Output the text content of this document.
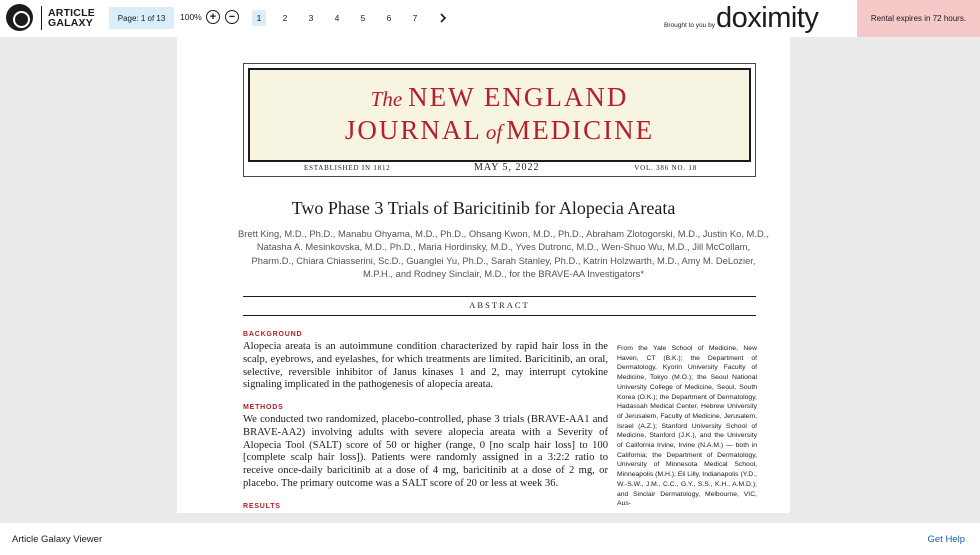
ARTICLE
GALAXY	Page: 1 of 13	100% + −	1	2	3	4	5	6	7
Brought to you by doximity	Rental expires in 72 hours.
The NEW ENGLAND
JOURNAL of MEDICINE
ESTABLISHED IN 1812	MAY 5, 2022	VOL. 386 NO. 18
Two Phase 3 Trials of Baricitinib for Alopecia Areata
Brett King, M.D., Ph.D., Manabu Ohyama, M.D., Ph.D., Ohsang Kwon, M.D., Ph.D., Abraham Zlotogorski, M.D., Justin Ko, M.D., Natasha A. Mesinkovska, M.D., Ph.D., Maria Hordinsky, M.D., Yves Dutronc, M.D., Wen-Shuo Wu, M.D., Jill McCollam, Pharm.D., Chiara Chiasserini, Sc.D., Guanglei Yu, Ph.D., Sarah Stanley, Ph.D., Katrin Holzwarth, M.D., Amy M. DeLozier, M.P.H., and Rodney Sinclair, M.D., for the BRAVE-AA Investigators*
ABSTRACT
BACKGROUND
Alopecia areata is an autoimmune condition characterized by rapid hair loss in the scalp, eyebrows, and eyelashes, for which treatments are limited. Baricitinib, an oral, selective, reversible inhibitor of Janus kinases 1 and 2, may interrupt cytokine signaling implicated in the pathogenesis of alopecia areata.
METHODS
We conducted two randomized, placebo-controlled, phase 3 trials (BRAVE-AA1 and BRAVE-AA2) involving adults with severe alopecia areata with a Severity of Alopecia Tool (SALT) score of 50 or higher (range, 0 [no scalp hair loss] to 100 [complete scalp hair loss]). Patients were randomly assigned in a 3:2:2 ratio to receive once-daily baricitinib at a dose of 4 mg, baricitinib at a dose of 2 mg, or placebo. The primary outcome was a SALT score of 20 or less at week 36.
RESULTS
From the Yale School of Medicine, New Haven, CT (B.K.); the Department of Dermatology, Kyorin University Faculty of Medicine, Tokyo (M.O.); the Seoul National University College of Medicine, Seoul, South Korea (O.K.); the Department of Dermatology, Hadassah Medical Center, Hebrew University of Jerusalem, Faculty of Medicine, Jerusalem, Israel (A.Z.); Stanford University School of Medicine, Stanford (J.K.), and the University of California Irvine, Irvine (N.A.M.) — both in California; the Department of Dermatology, University of Minnesota Medical School, Minneapolis (M.H.); Eli Lilly, Indianapolis (Y.D., W.-S.W., J.M., C.C., G.Y., S.S., K.H., A.M.D.); and Sinclair Dermatology, Melbourne, VIC, Aus-
Article Galaxy Viewer	Get Help
